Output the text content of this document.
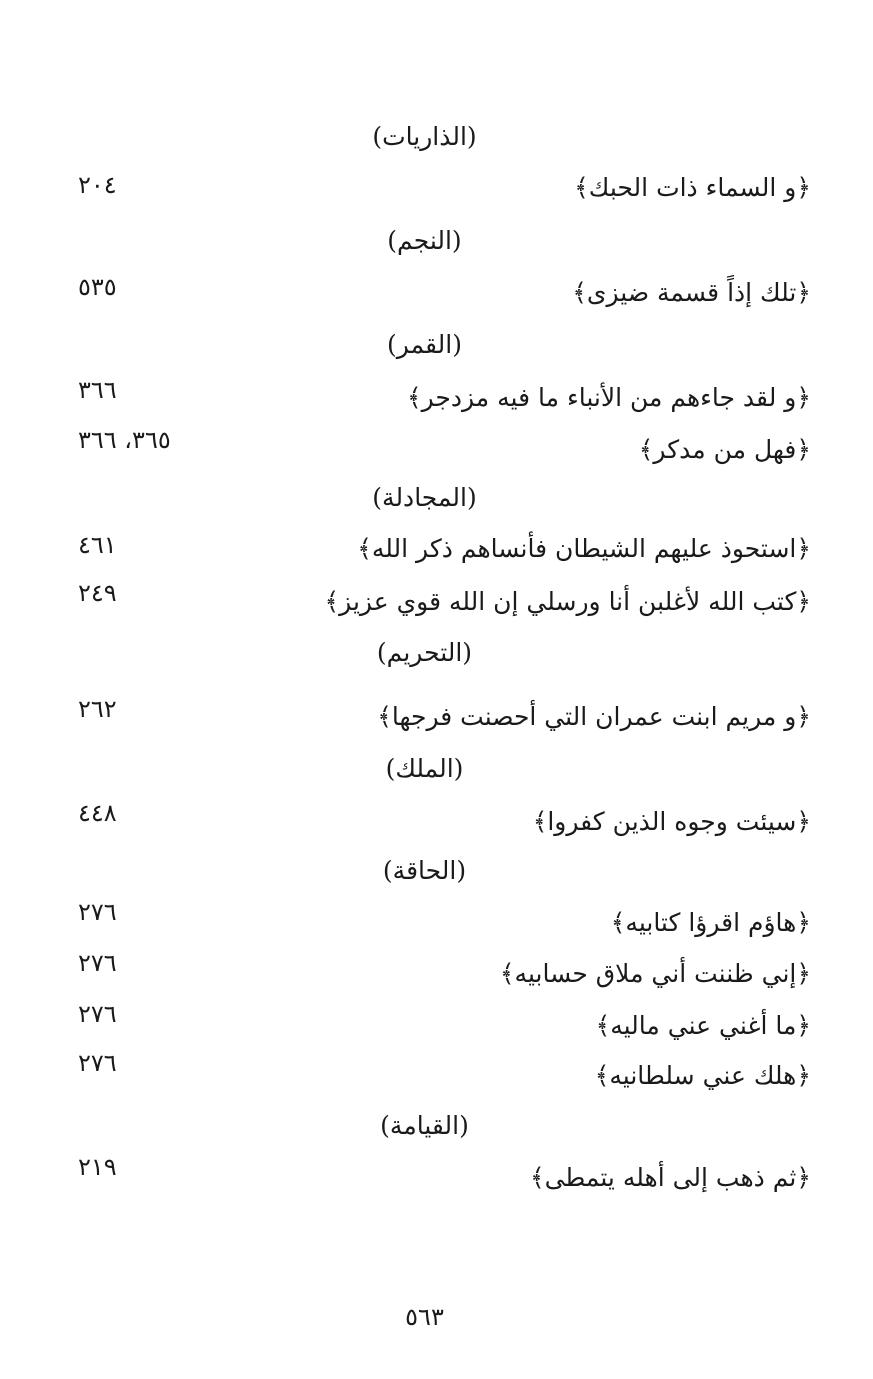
(الذاريات)
﴿و السماء ذات الحبك﴾
٢٠٤
(النجم)
﴿تلك إذاً قسمة ضيزى﴾
٥٣٥
(القمر)
﴿و لقد جاءهم من الأنباء ما فيه مزدجر﴾
٣٦٦
﴿فهل من مدكر﴾
٣٦٥، ٣٦٦
(المجادلة)
﴿استحوذ عليهم الشيطان فأنساهم ذكر الله﴾
٤٦١
﴿كتب الله لأغلبن أنا ورسلي إن الله قوي عزيز﴾
٢٤٩
(التحريم)
﴿و مريم ابنت عمران التي أحصنت فرجها﴾
٢٦٢
(الملك)
﴿سيئت وجوه الذين كفروا﴾
٤٤٨
(الحاقة)
﴿هاؤم اقرؤا كتابيه﴾
٢٧٦
﴿إني ظننت أني ملاق حسابيه﴾
٢٧٦
﴿ما أغني عني ماليه﴾
٢٧٦
﴿هلك عني سلطانيه﴾
٢٧٦
(القيامة)
﴿ثم ذهب إلى أهله يتمطى﴾
٢١٩
٥٦٣
